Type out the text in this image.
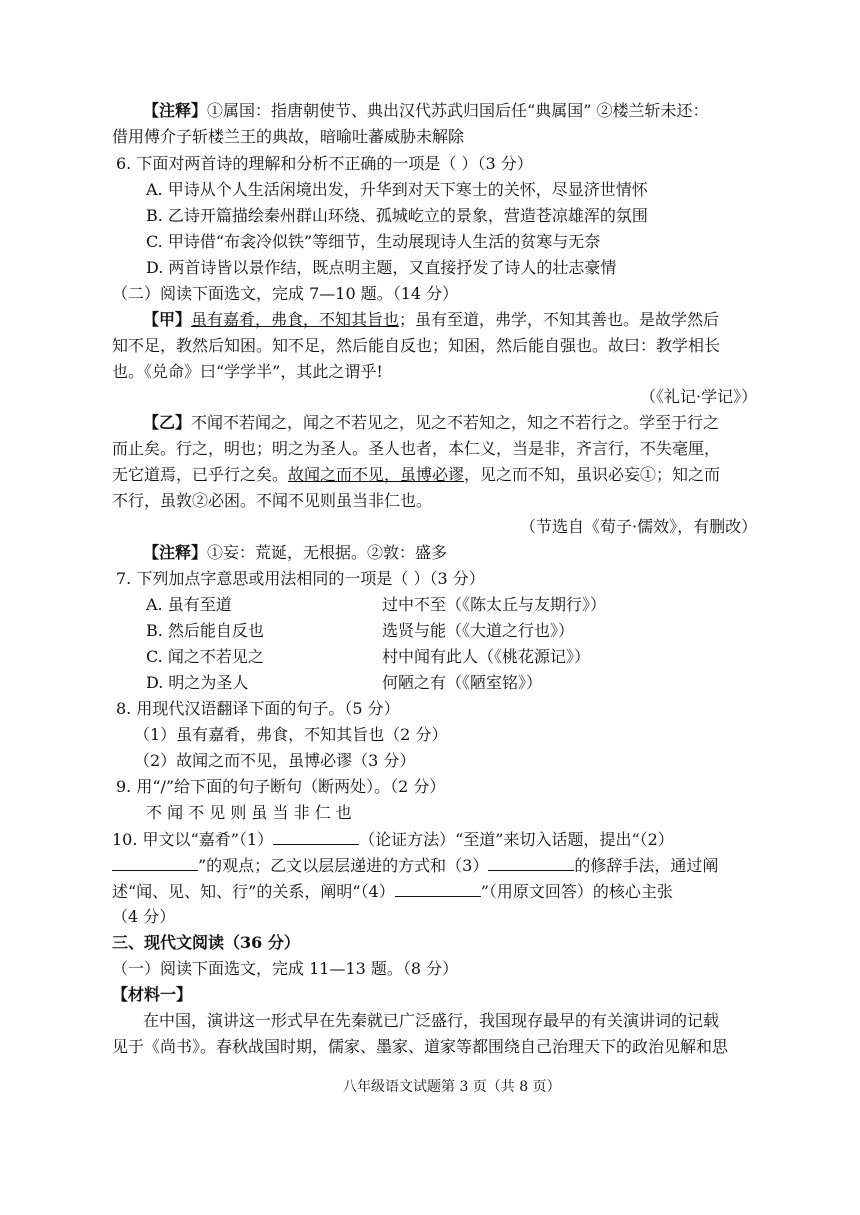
【注释】①属国：指唐朝使节、典出汉代苏武归国后任“典属国” ②楼兰斩未还：
借用傅介子斩楼兰王的典故，暗喻吐蕃威胁未解除
6. 下面对两首诗的理解和分析不正确的一项是（ ）（3 分）
A. 甲诗从个人生活闲境出发，升华到对天下寒士的关怀，尽显济世情怀
B. 乙诗开篇描绘秦州群山环绕、孤城屹立的景象，营造苍凉雄浑的氛围
C. 甲诗借“布衾冷似铁”等细节，生动展现诗人生活的贫寒与无奈
D. 两首诗皆以景作结，既点明主题，又直接抒发了诗人的壮志豪情
（二）阅读下面选文，完成 7—10 题。（14 分）
【甲】虽有嘉肴，弗食，不知其旨也；虽有至道，弗学，不知其善也。是故学然后
知不足，教然后知困。知不足，然后能自反也；知困，然后能自强也。故曰：教学相长
也。《兑命》曰“学学半”，其此之谓乎!
（《礼记·学记》）
【乙】不闻不若闻之，闻之不若见之，见之不若知之，知之不若行之。学至于行之
而止矣。行之，明也；明之为圣人。圣人也者，本仁义，当是非，齐言行，不失毫厘，
无它道焉，已乎行之矣。故闻之而不见，虽博必谬，见之而不知，虽识必妄①；知之而
不行，虽敦②必困。不闻不见则虽当非仁也。
（节选自《荀子·儒效》，有删改）
【注释】①妄：荒诞，无根据。②敦：盛多
7. 下列加点字意思或用法相同的一项是（ ）（3 分）
A. 虽有至道	过中不至（《陈太丘与友期行》）
B. 然后能自反也	选贤与能（《大道之行也》）
C. 闻之不若见之	村中闻有此人（《桃花源记》）
D. 明之为圣人	何陋之有（《陋室铭》）
8. 用现代汉语翻译下面的句子。（5 分）
（1）虽有嘉肴，弗食，不知其旨也（2 分）
（2）故闻之而不见，虽博必谬（3 分）
9. 用“/”给下面的句子断句（断两处）。（2 分）
不 闻 不 见 则 虽 当 非 仁 也
10. 甲文以“嘉肴”（1）	（论证方法）“至道”来切入话题，提出“（2）
”的观点；乙文以层层递进的方式和（3）	的修辞手法，通过阐
述“闻、见、知、行”的关系，阐明“（4）	”（用原文回答）的核心主张
（4 分）
三、现代文阅读（36 分）
（一）阅读下面选文，完成 11—13 题。（8 分）
【材料一】
在中国，演讲这一形式早在先秦就已广泛盛行，我国现存最早的有关演讲词的记载
见于《尚书》。春秋战国时期，儒家、墨家、道家等都围绕自己治理天下的政治见解和思
八年级语文试题第 3 页（共 8 页）
